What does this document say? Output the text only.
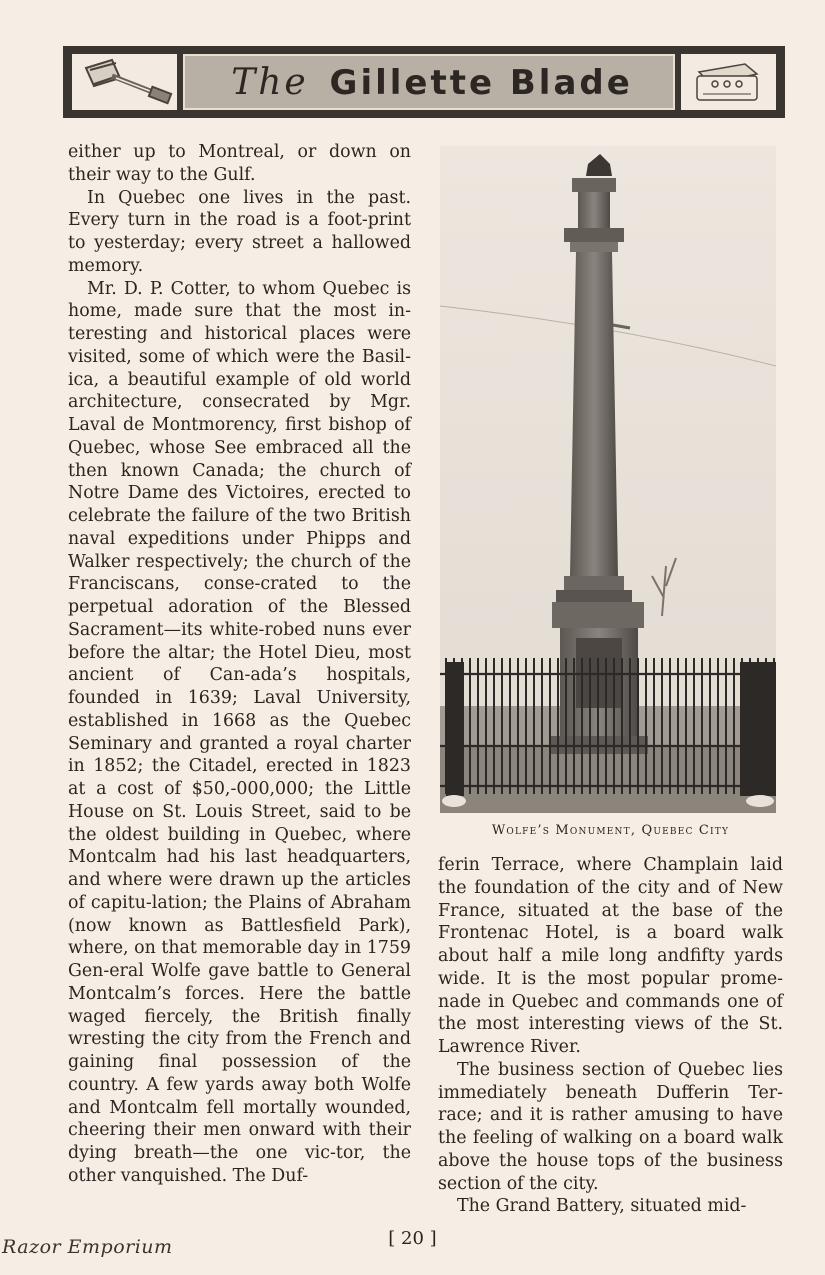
The Gillette Blade

either up to Montreal, or down on their way to the Gulf.

In Quebec one lives in the past. Every turn in the road is a foot-print to yesterday; every street a hallowed memory.

Mr. D. P. Cotter, to whom Quebec is home, made sure that the most in-teresting and historical places were visited, some of which were the Basil-ica, a beautiful example of old world architecture, consecrated by Mgr. Laval de Montmorency, first bishop of Quebec, whose See embraced all the then known Canada; the church of Notre Dame des Victoires, erected to celebrate the failure of the two British naval expeditions under Phipps and Walker respectively; the church of the Franciscans, conse-crated to the perpetual adoration of the Blessed Sacrament—its white-robed nuns ever before the altar; the Hotel Dieu, most ancient of Can-ada’s hospitals, founded in 1639; Laval University, established in 1668 as the Quebec Seminary and granted a royal charter in 1852; the Citadel, erected in 1823 at a cost of $50,-000,000; the Little House on St. Louis Street, said to be the oldest building in Quebec, where Montcalm had his last headquarters, and where were drawn up the articles of capitu-lation; the Plains of Abraham (now known as Battlesfield Park), where, on that memorable day in 1759 Gen-eral Wolfe gave battle to General Montcalm’s forces. Here the battle waged fiercely, the British finally wresting the city from the French and gaining final possession of the country. A few yards away both Wolfe and Montcalm fell mortally wounded, cheering their men onward with their dying breath—the one vic-tor, the other vanquished. The Duf-

Wolfe’s Monument, Quebec City

ferin Terrace, where Champlain laid the foundation of the city and of New France, situated at the base of the Frontenac Hotel, is a board walk about half a mile long andfifty yards wide. It is the most popular prome-nade in Quebec and commands one of the most interesting views of the St. Lawrence River.

The business section of Quebec lies immediately beneath Dufferin Ter-race; and it is rather amusing to have the feeling of walking on a board walk above the house tops of the business section of the city.

The Grand Battery, situated mid-

[ 20 ]
Razor Emporium
